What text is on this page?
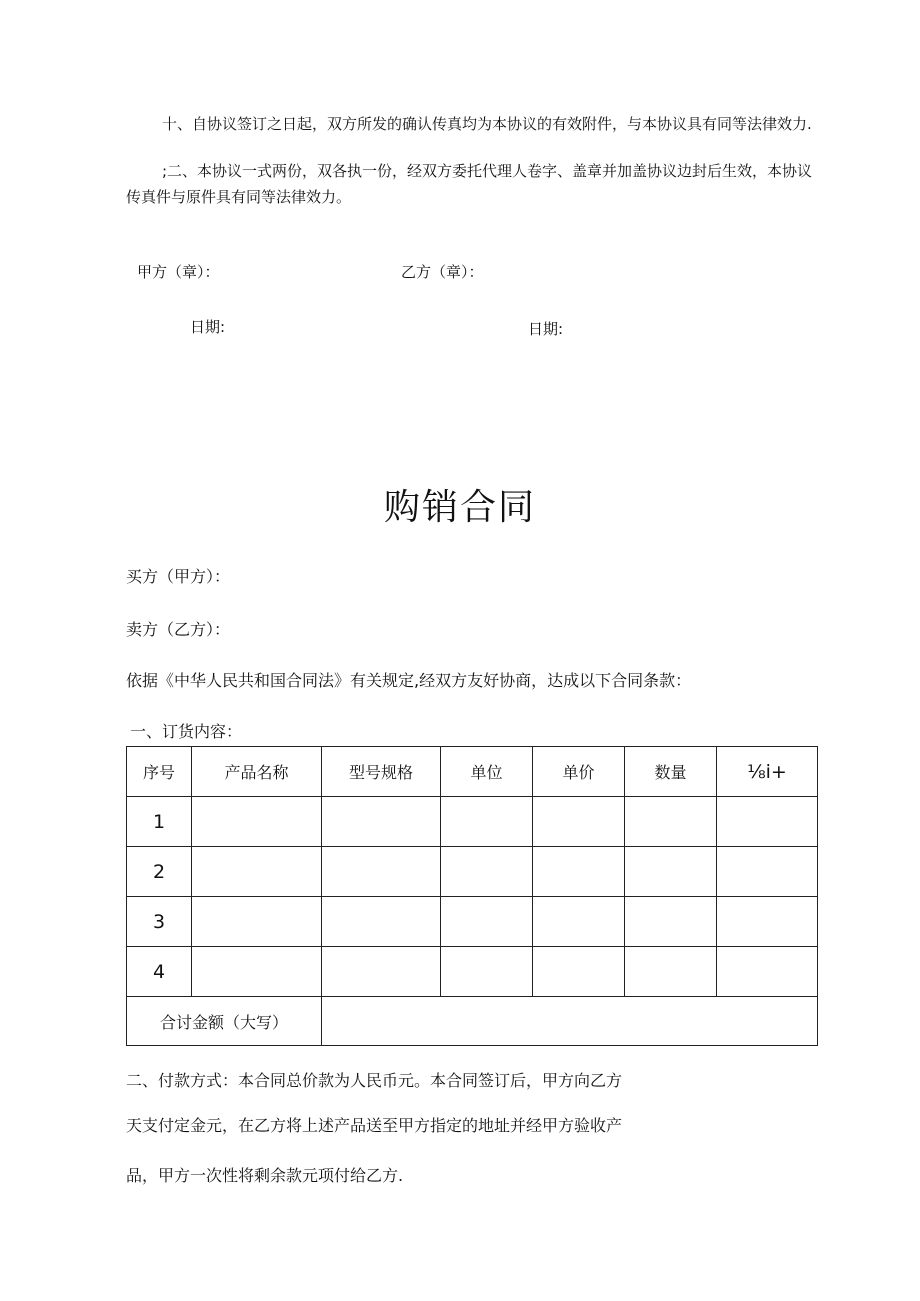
十、自协议签订之日起，双方所发的确认传真均为本协议的有效附件，与本协议具有同等法律效力.
;二、本协议一式两份，双各执一份，经双方委托代理人卷字、盖章并加盖协议边封后生效，本协议传真件与原件具有同等法律效力。
甲方（章）：	乙方（章）：
日期:	日期:
购销合同
买方（甲方）：
卖方（乙方）：
依据《中华人民共和国合同法》有关规定,经双方友好协商，达成以下合同条款：
一、订货内容：
序号	产品名称	型号规格	单位	单价	数量	⅛i+
1						
2						
3						
4						
合讨金额（大写）						
二、付款方式：本合同总价款为人民币元。本合同签订后，甲方向乙方
天支付定金元，在乙方将上述产品送至甲方指定的地址并经甲方验收产
品，甲方一次性将剩余款元项付给乙方.
